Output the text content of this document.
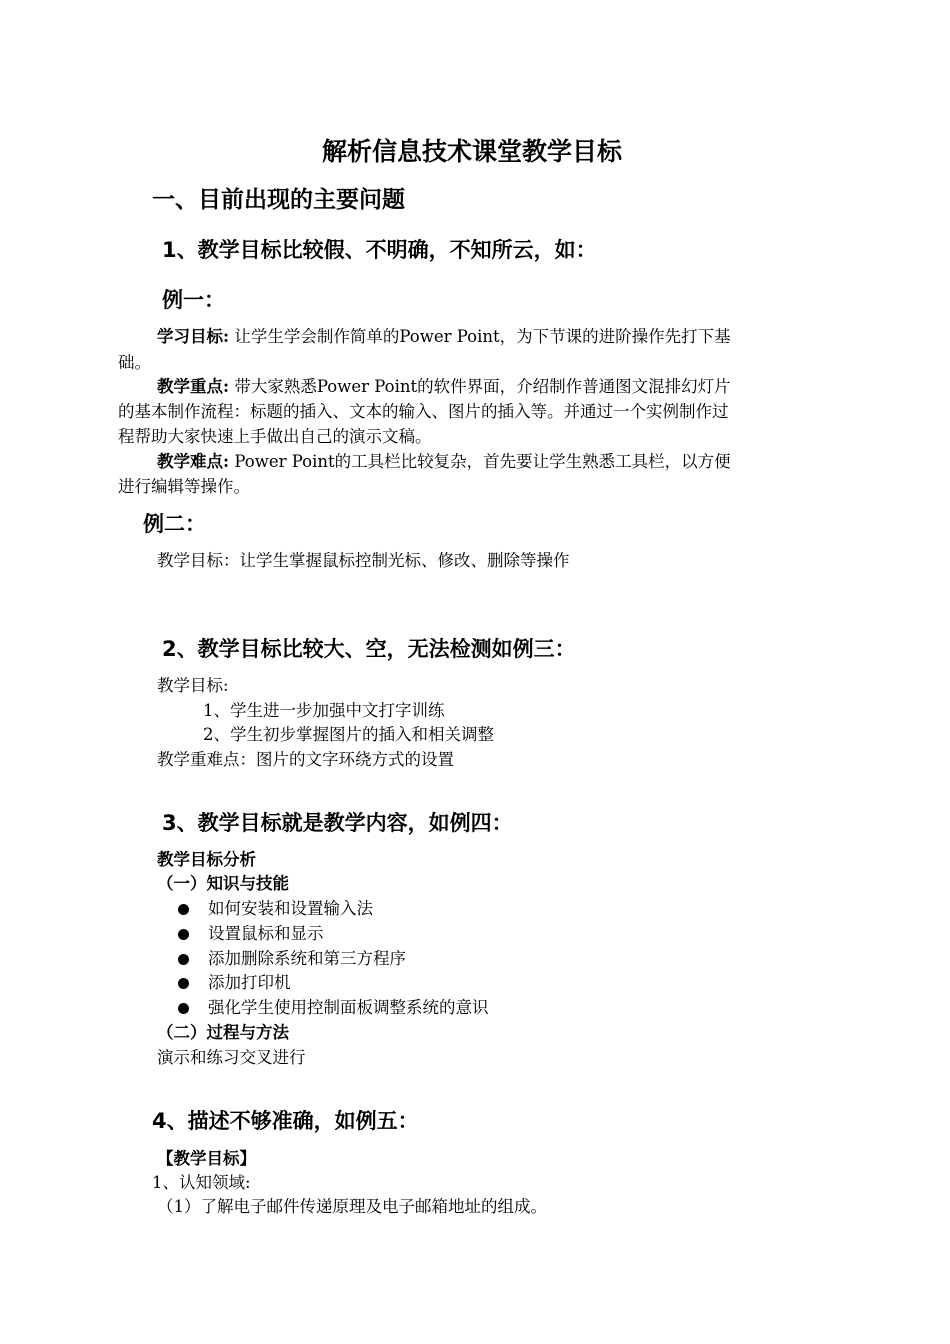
解析信息技术课堂教学目标
一、目前出现的主要问题
1、教学目标比较假、不明确，不知所云，如：
例一：
学习目标: 让学生学会制作简单的Power Point，为下节课的进阶操作先打下基
础。
教学重点: 带大家熟悉Power Point的软件界面，介绍制作普通图文混排幻灯片
的基本制作流程：标题的插入、文本的输入、图片的插入等。并通过一个实例制作过
程帮助大家快速上手做出自己的演示文稿。
教学难点: Power Point的工具栏比较复杂，首先要让学生熟悉工具栏，以方便
进行编辑等操作。
例二：
教学目标：让学生掌握鼠标控制光标、修改、删除等操作
2、教学目标比较大、空，无法检测如例三：
教学目标:
1、学生进一步加强中文打字训练
2、学生初步掌握图片的插入和相关调整
教学重难点：图片的文字环绕方式的设置
3、教学目标就是教学内容，如例四：
教学目标分析
（一）知识与技能
如何安装和设置输入法
设置鼠标和显示
添加删除系统和第三方程序
添加打印机
强化学生使用控制面板调整系统的意识
（二）过程与方法
演示和练习交叉进行
4、描述不够准确，如例五：
【教学目标】
1、认知领域:
（1）了解电子邮件传递原理及电子邮箱地址的组成。
